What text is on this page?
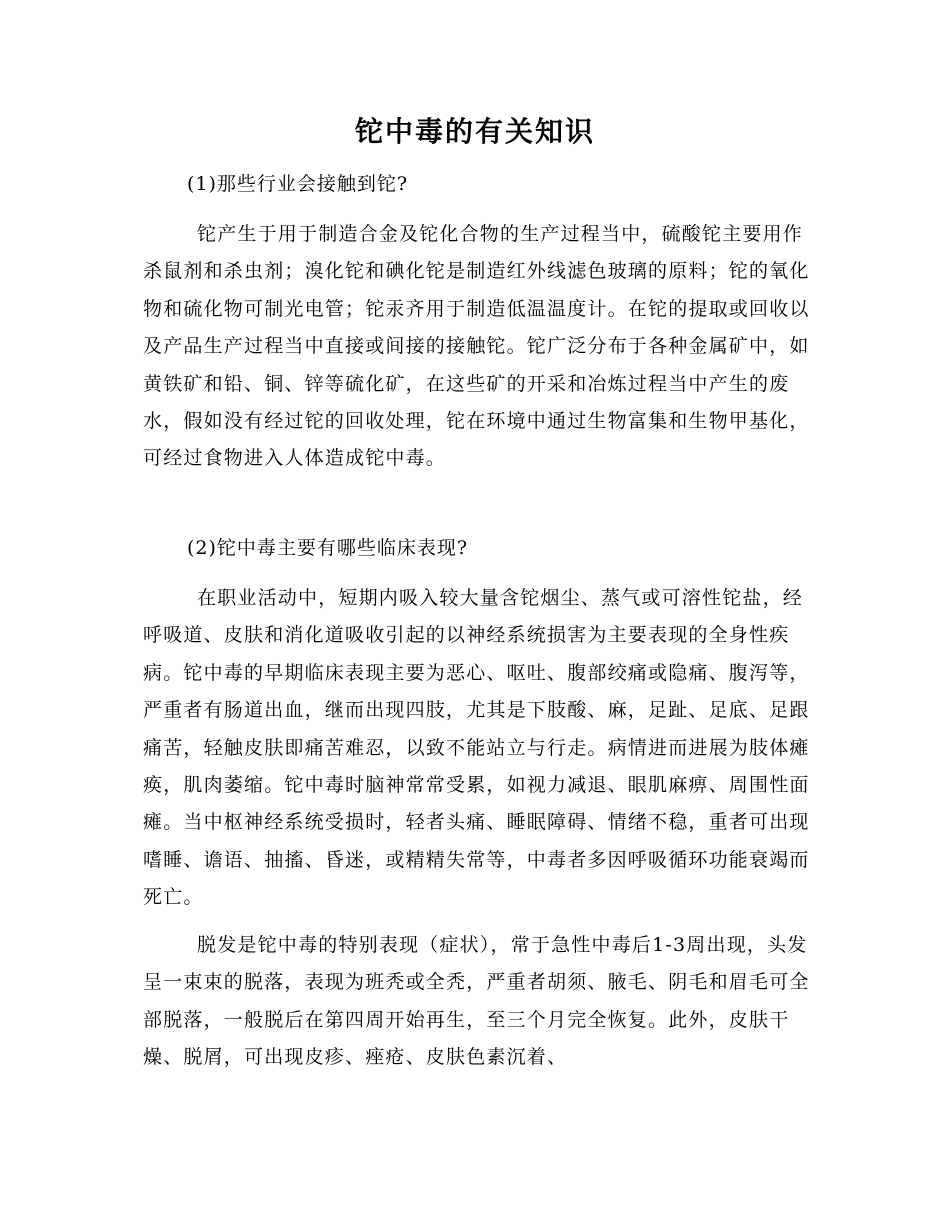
铊中毒的有关知识
(1)那些行业会接触到铊?
铊产生于用于制造合金及铊化合物的生产过程当中，硫酸铊主要用作杀鼠剂和杀虫剂；溴化铊和碘化铊是制造红外线滤色玻璃的原料；铊的氧化物和硫化物可制光电管；铊汞齐用于制造低温温度计。在铊的提取或回收以及产品生产过程当中直接或间接的接触铊。铊广泛分布于各种金属矿中，如黄铁矿和铅、铜、锌等硫化矿，在这些矿的开采和冶炼过程当中产生的废水，假如没有经过铊的回收处理，铊在环境中通过生物富集和生物甲基化，可经过食物进入人体造成铊中毒。
(2)铊中毒主要有哪些临床表现?
在职业活动中，短期内吸入较大量含铊烟尘、蒸气或可溶性铊盐，经呼吸道、皮肤和消化道吸收引起的以神经系统损害为主要表现的全身性疾病。铊中毒的早期临床表现主要为恶心、呕吐、腹部绞痛或隐痛、腹泻等，严重者有肠道出血，继而出现四肢，尤其是下肢酸、麻，足趾、足底、足跟痛苦，轻触皮肤即痛苦难忍，以致不能站立与行走。病情进而进展为肢体瘫痪，肌肉萎缩。铊中毒时脑神常常受累，如视力减退、眼肌麻痹、周围性面瘫。当中枢神经系统受损时，轻者头痛、睡眠障碍、情绪不稳，重者可出现嗜睡、谵语、抽搐、昏迷，或精精失常等，中毒者多因呼吸循环功能衰竭而死亡。
脱发是铊中毒的特别表现（症状），常于急性中毒后1-3周出现，头发呈一束束的脱落，表现为班秃或全秃，严重者胡须、腋毛、阴毛和眉毛可全部脱落，一般脱后在第四周开始再生，至三个月完全恢复。此外，皮肤干燥、脱屑，可出现皮疹、痤疮、皮肤色素沉着、
